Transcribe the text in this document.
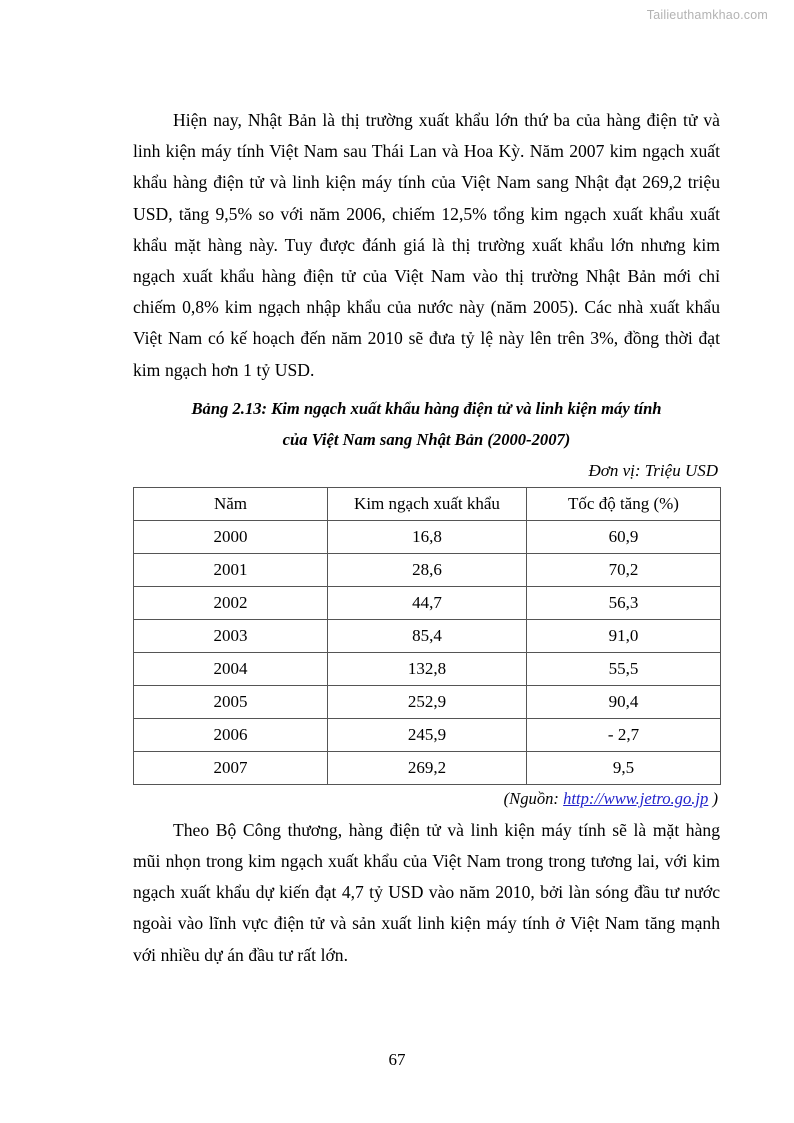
Tailieuthamkhao.com

Hiện nay, Nhật Bản là thị trường xuất khẩu lớn thứ ba của hàng điện tử và linh kiện máy tính Việt Nam sau Thái Lan và Hoa Kỳ. Năm 2007 kim ngạch xuất khẩu hàng điện tử và linh kiện máy tính của Việt Nam sang Nhật đạt 269,2 triệu USD, tăng 9,5% so với năm 2006, chiếm 12,5% tổng kim ngạch xuất khẩu xuất khẩu mặt hàng này. Tuy được đánh giá là thị trường xuất khẩu lớn nhưng kim ngạch xuất khẩu hàng điện tử của Việt Nam vào thị trường Nhật Bản mới chỉ chiếm 0,8% kim ngạch nhập khẩu của nước này (năm 2005). Các nhà xuất khẩu Việt Nam có kế hoạch đến năm 2010 sẽ đưa tỷ lệ này lên trên 3%, đồng thời đạt kim ngạch hơn 1 tỷ USD.

Bảng 2.13: Kim ngạch xuất khẩu hàng điện tử và linh kiện máy tính
của Việt Nam sang Nhật Bản (2000-2007)
Đơn vị: Triệu USD
Năm	Kim ngạch xuất khẩu	Tốc độ tăng (%)
2000	16,8	60,9
2001	28,6	70,2
2002	44,7	56,3
2003	85,4	91,0
2004	132,8	55,5
2005	252,9	90,4
2006	245,9	- 2,7
2007	269,2	9,5
(Nguồn: http://www.jetro.go.jp )

Theo Bộ Công thương, hàng điện tử và linh kiện máy tính sẽ là mặt hàng mũi nhọn trong kim ngạch xuất khẩu của Việt Nam trong trong tương lai, với kim ngạch xuất khẩu dự kiến đạt 4,7 tỷ USD vào năm 2010, bởi làn sóng đầu tư nước ngoài vào lĩnh vực điện tử và sản xuất linh kiện máy tính ở Việt Nam tăng mạnh với nhiều dự án đầu tư rất lớn.

67
